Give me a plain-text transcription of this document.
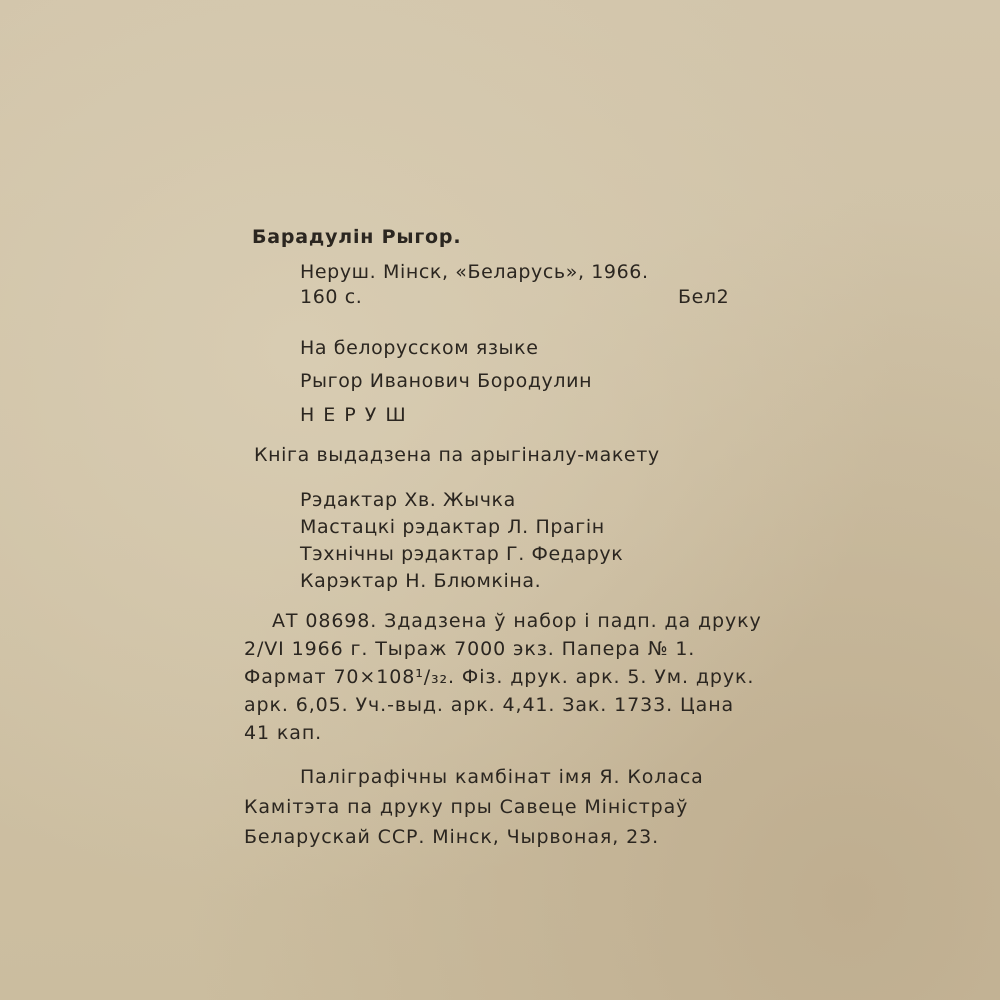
Барадулін Рыгор.
Неруш. Мінск, «Беларусь», 1966.
160 с.	Бел2
На белорусском языке
Рыгор Иванович Бородулин
НЕРУШ
Кніга выдадзена па арыгіналу-макету
Рэдактар Хв. Жычка
Мастацкі рэдактар Л. Прагін
Тэхнічны рэдактар Г. Федарук
Карэктар Н. Блюмкіна.
АТ 08698. Здадзена ў набор і падп. да друку
2/VI 1966 г. Тыраж 7000 экз. Папера № 1.
Фармат 70×108¹/₃₂. Фіз. друк. арк. 5. Ум. друк.
арк. 6,05. Уч.-выд. арк. 4,41. Зак. 1733. Цана
41 кап.
Паліграфічны камбінат імя Я. Коласа
Камітэта па друку пры Савеце Міністраў
Беларускай ССР. Мінск, Чырвоная, 23.
